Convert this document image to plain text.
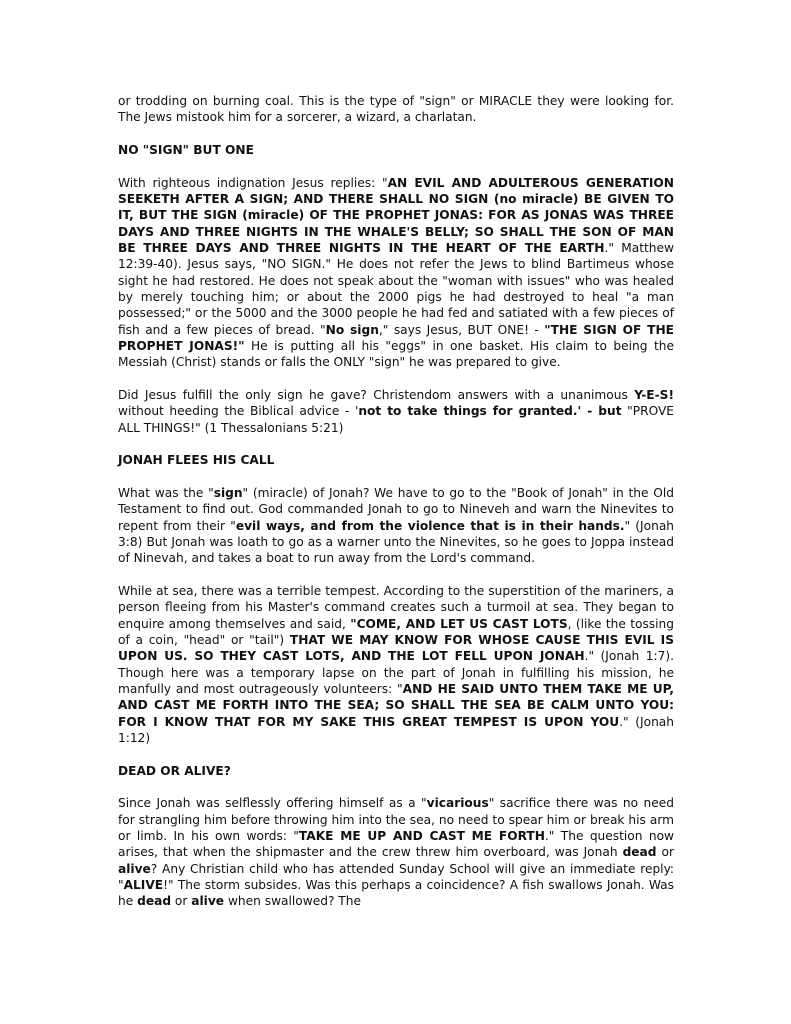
or trodding on burning coal. This is the type of "sign" or MIRACLE they were looking for. The Jews mistook him for a sorcerer, a wizard, a charlatan.

NO "SIGN" BUT ONE

With righteous indignation Jesus replies: "AN EVIL AND ADULTEROUS GENERATION SEEKETH AFTER A SIGN; AND THERE SHALL NO SIGN (no miracle) BE GIVEN TO IT, BUT THE SIGN (miracle) OF THE PROPHET JONAS: FOR AS JONAS WAS THREE DAYS AND THREE NIGHTS IN THE WHALE'S BELLY; SO SHALL THE SON OF MAN BE THREE DAYS AND THREE NIGHTS IN THE HEART OF THE EARTH." Matthew 12:39-40). Jesus says, "NO SIGN." He does not refer the Jews to blind Bartimeus whose sight he had restored. He does not speak about the "woman with issues" who was healed by merely touching him; or about the 2000 pigs he had destroyed to heal "a man possessed;" or the 5000 and the 3000 people he had fed and satiated with a few pieces of fish and a few pieces of bread. "No sign," says Jesus, BUT ONE! - "THE SIGN OF THE PROPHET JONAS!" He is putting all his "eggs" in one basket. His claim to being the Messiah (Christ) stands or falls the ONLY "sign" he was prepared to give.

Did Jesus fulfill the only sign he gave? Christendom answers with a unanimous Y-E-S! without heeding the Biblical advice - 'not to take things for granted.' - but "PROVE ALL THINGS!" (1 Thessalonians 5:21)

JONAH FLEES HIS CALL

What was the "sign" (miracle) of Jonah? We have to go to the "Book of Jonah" in the Old Testament to find out. God commanded Jonah to go to Nineveh and warn the Ninevites to repent from their "evil ways, and from the violence that is in their hands." (Jonah 3:8) But Jonah was loath to go as a warner unto the Ninevites, so he goes to Joppa instead of Ninevah, and takes a boat to run away from the Lord's command.

While at sea, there was a terrible tempest. According to the superstition of the mariners, a person fleeing from his Master's command creates such a turmoil at sea. They began to enquire among themselves and said, "COME, AND LET US CAST LOTS, (like the tossing of a coin, "head" or "tail") THAT WE MAY KNOW FOR WHOSE CAUSE THIS EVIL IS UPON US. SO THEY CAST LOTS, AND THE LOT FELL UPON JONAH." (Jonah 1:7). Though here was a temporary lapse on the part of Jonah in fulfilling his mission, he manfully and most outrageously volunteers: "AND HE SAID UNTO THEM TAKE ME UP, AND CAST ME FORTH INTO THE SEA; SO SHALL THE SEA BE CALM UNTO YOU: FOR I KNOW THAT FOR MY SAKE THIS GREAT TEMPEST IS UPON YOU." (Jonah 1:12)

DEAD OR ALIVE?

Since Jonah was selflessly offering himself as a "vicarious" sacrifice there was no need for strangling him before throwing him into the sea, no need to spear him or break his arm or limb. In his own words: "TAKE ME UP AND CAST ME FORTH." The question now arises, that when the shipmaster and the crew threw him overboard, was Jonah dead or alive? Any Christian child who has attended Sunday School will give an immediate reply: "ALIVE!" The storm subsides. Was this perhaps a coincidence? A fish swallows Jonah. Was he dead or alive when swallowed? The
